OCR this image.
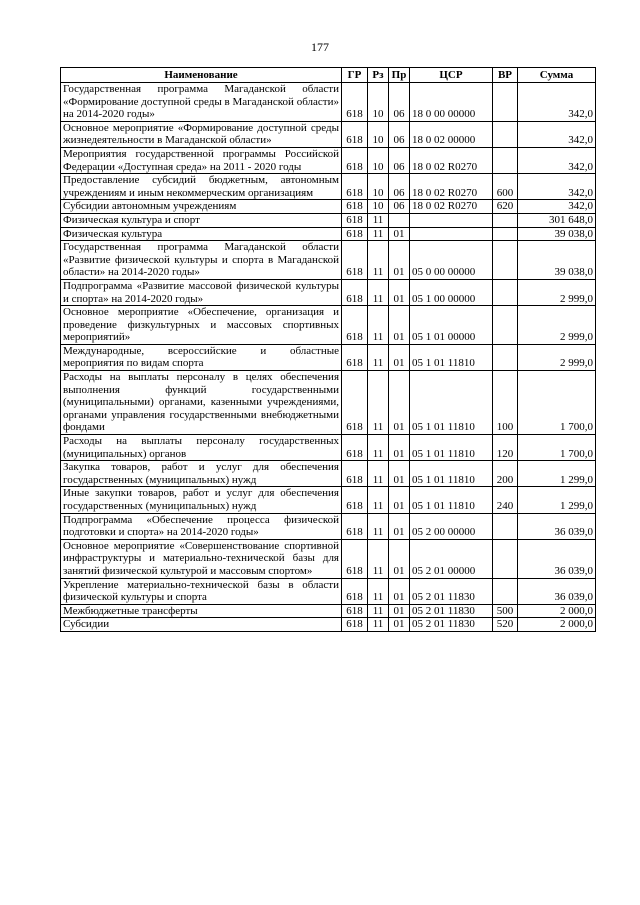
177
Наименование	ГР	Рз	Пр	ЦСР	ВР	Сумма
Государственная программа Магаданской области «Формирование доступной среды в Магаданской области» на 2014-2020 годы»	618	10	06	18 0 00 00000		342,0
Основное мероприятие «Формирование доступной среды жизнедеятельности в Магаданской области»	618	10	06	18 0 02 00000		342,0
Мероприятия государственной программы Российской Федерации «Доступная среда» на 2011 - 2020 годы	618	10	06	18 0 02 R0270		342,0
Предоставление субсидий бюджетным, автономным учреждениям и иным некоммерческим организациям	618	10	06	18 0 02 R0270	600	342,0
Субсидии автономным учреждениям	618	10	06	18 0 02 R0270	620	342,0
Физическая культура и спорт	618	11				301 648,0
Физическая культура	618	11	01			39 038,0
Государственная программа Магаданской области «Развитие физической культуры и спорта в Магаданской области» на 2014-2020 годы»	618	11	01	05 0 00 00000		39 038,0
Подпрограмма «Развитие массовой физической культуры и спорта» на 2014-2020 годы»	618	11	01	05 1 00 00000		2 999,0
Основное мероприятие «Обеспечение, организация и проведение физкультурных и массовых спортивных мероприятий»	618	11	01	05 1 01 00000		2 999,0
Международные, всероссийские и областные мероприятия по видам спорта	618	11	01	05 1 01 11810		2 999,0
Расходы на выплаты персоналу в целях обеспечения выполнения функций государственными (муниципальными) органами, казенными учреждениями, органами управления государственными внебюджетными фондами	618	11	01	05 1 01 11810	100	1 700,0
Расходы на выплаты персоналу государственных (муниципальных) органов	618	11	01	05 1 01 11810	120	1 700,0
Закупка товаров, работ и услуг для обеспечения государственных (муниципальных) нужд	618	11	01	05 1 01 11810	200	1 299,0
Иные закупки товаров, работ и услуг для обеспечения государственных (муниципальных) нужд	618	11	01	05 1 01 11810	240	1 299,0
Подпрограмма «Обеспечение процесса физической подготовки и спорта» на 2014-2020 годы»	618	11	01	05 2 00 00000		36 039,0
Основное мероприятие «Совершенствование спортивной инфраструктуры и материально-технической базы для занятий физической культурой и массовым спортом»	618	11	01	05 2 01 00000		36 039,0
Укрепление материально-технической базы в области физической культуры и спорта	618	11	01	05 2 01 11830		36 039,0
Межбюджетные трансферты	618	11	01	05 2 01 11830	500	2 000,0
Субсидии	618	11	01	05 2 01 11830	520	2 000,0
